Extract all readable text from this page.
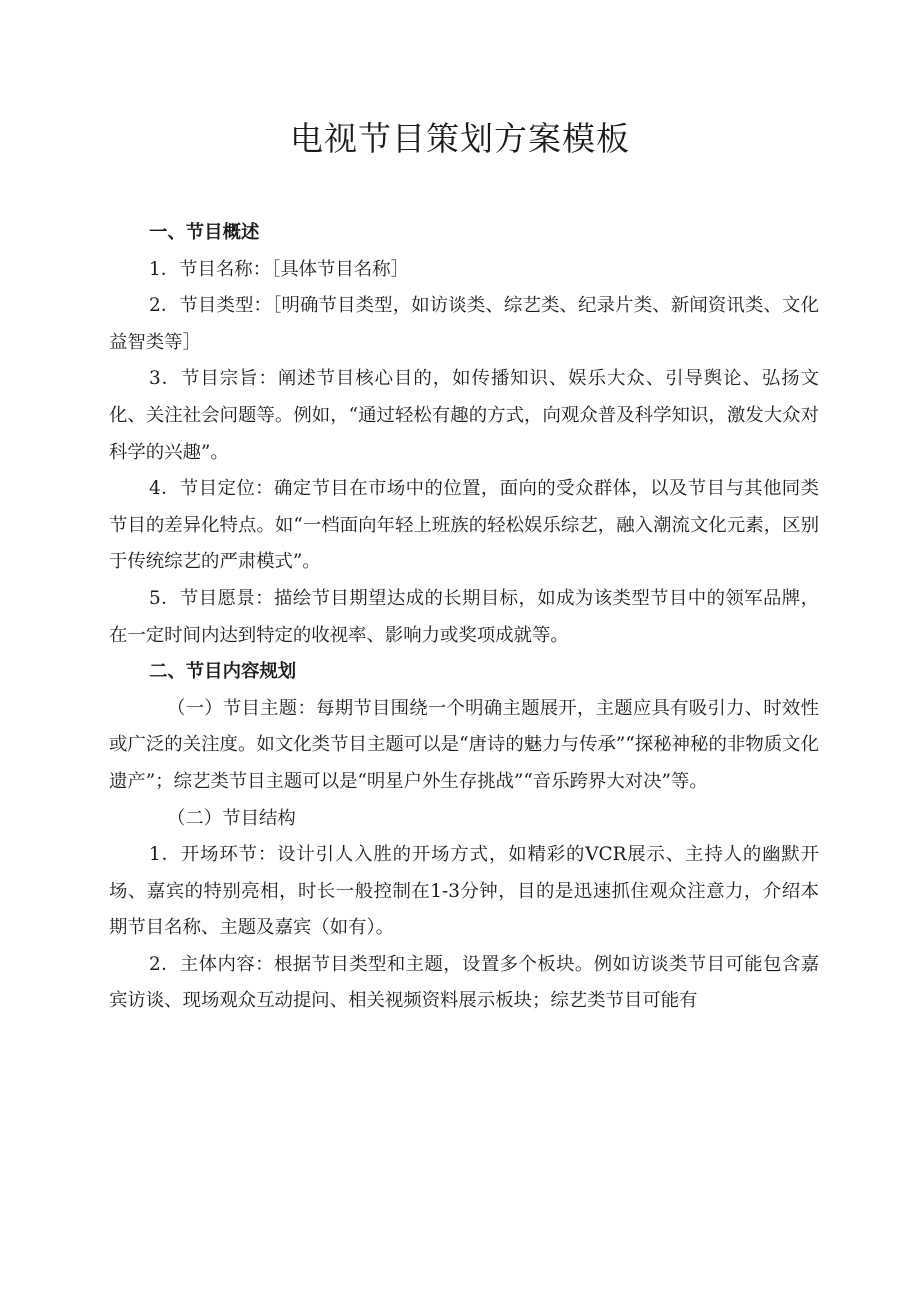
电视节目策划方案模板

一、节目概述

1．节目名称：［具体节目名称］

2．节目类型：［明确节目类型，如访谈类、综艺类、纪录片类、新闻资讯类、文化益智类等］

3．节目宗旨：阐述节目核心目的，如传播知识、娱乐大众、引导舆论、弘扬文化、关注社会问题等。例如，“通过轻松有趣的方式，向观众普及科学知识，激发大众对科学的兴趣”。

4．节目定位：确定节目在市场中的位置，面向的受众群体，以及节目与其他同类节目的差异化特点。如“一档面向年轻上班族的轻松娱乐综艺，融入潮流文化元素，区别于传统综艺的严肃模式”。

5．节目愿景：描绘节目期望达成的长期目标，如成为该类型节目中的领军品牌，在一定时间内达到特定的收视率、影响力或奖项成就等。

二、节目内容规划

（一）节目主题：每期节目围绕一个明确主题展开，主题应具有吸引力、时效性或广泛的关注度。如文化类节目主题可以是“唐诗的魅力与传承”“探秘神秘的非物质文化遗产”；综艺类节目主题可以是“明星户外生存挑战”“音乐跨界大对决”等。

（二）节目结构

1．开场环节：设计引人入胜的开场方式，如精彩的VCR展示、主持人的幽默开场、嘉宾的特别亮相，时长一般控制在1-3分钟，目的是迅速抓住观众注意力，介绍本期节目名称、主题及嘉宾（如有）。

2．主体内容：根据节目类型和主题，设置多个板块。例如访谈类节目可能包含嘉宾访谈、现场观众互动提问、相关视频资料展示板块；综艺类节目可能有
